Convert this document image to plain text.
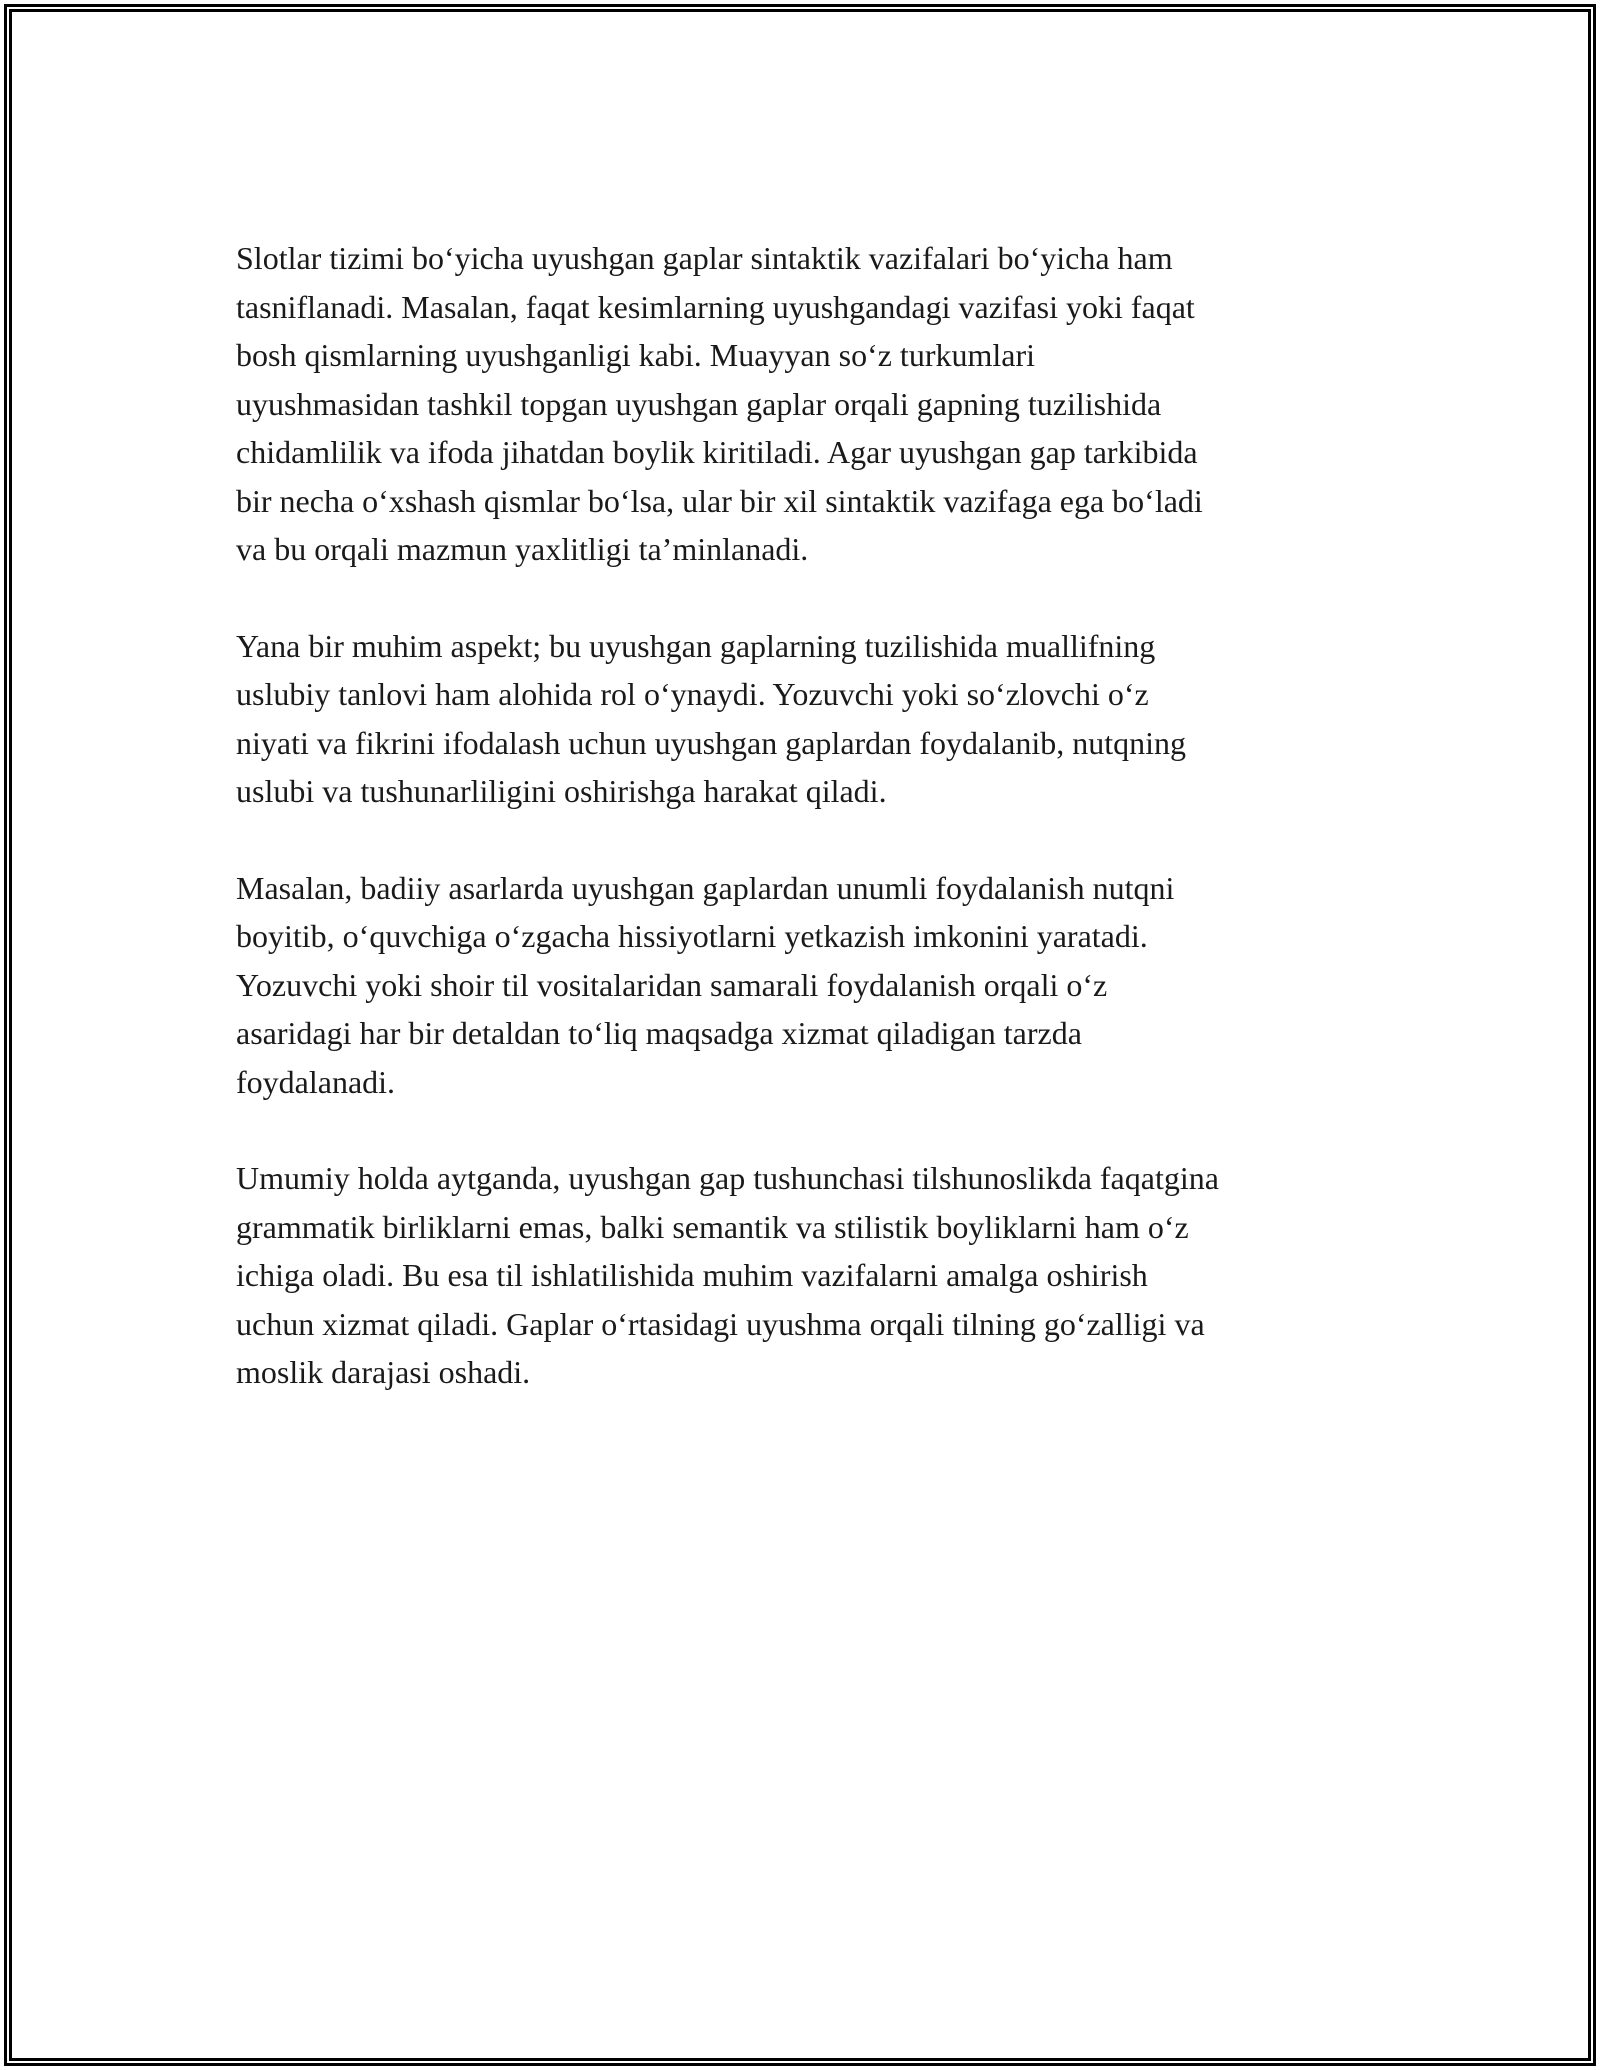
Slotlar tizimi bo‘yicha uyushgan gaplar sintaktik vazifalari bo‘yicha ham
tasniflanadi. Masalan, faqat kesimlarning uyushgandagi vazifasi yoki faqat
bosh qismlarning uyushganligi kabi. Muayyan so‘z turkumlari
uyushmasidan tashkil topgan uyushgan gaplar orqali gapning tuzilishida
chidamlilik va ifoda jihatdan boylik kiritiladi. Agar uyushgan gap tarkibida
bir necha o‘xshash qismlar bo‘lsa, ular bir xil sintaktik vazifaga ega bo‘ladi
va bu orqali mazmun yaxlitligi ta’minlanadi.

Yana bir muhim aspekt; bu uyushgan gaplarning tuzilishida muallifning
uslubiy tanlovi ham alohida rol o‘ynaydi. Yozuvchi yoki so‘zlovchi o‘z
niyati va fikrini ifodalash uchun uyushgan gaplardan foydalanib, nutqning
uslubi va tushunarliligini oshirishga harakat qiladi.

Masalan, badiiy asarlarda uyushgan gaplardan unumli foydalanish nutqni
boyitib, o‘quvchiga o‘zgacha hissiyotlarni yetkazish imkonini yaratadi.
Yozuvchi yoki shoir til vositalaridan samarali foydalanish orqali o‘z
asaridagi har bir detaldan to‘liq maqsadga xizmat qiladigan tarzda
foydalanadi.

Umumiy holda aytganda, uyushgan gap tushunchasi tilshunoslikda faqatgina
grammatik birliklarni emas, balki semantik va stilistik boyliklarni ham o‘z
ichiga oladi. Bu esa til ishlatilishida muhim vazifalarni amalga oshirish
uchun xizmat qiladi. Gaplar o‘rtasidagi uyushma orqali tilning go‘zalligi va
moslik darajasi oshadi.
